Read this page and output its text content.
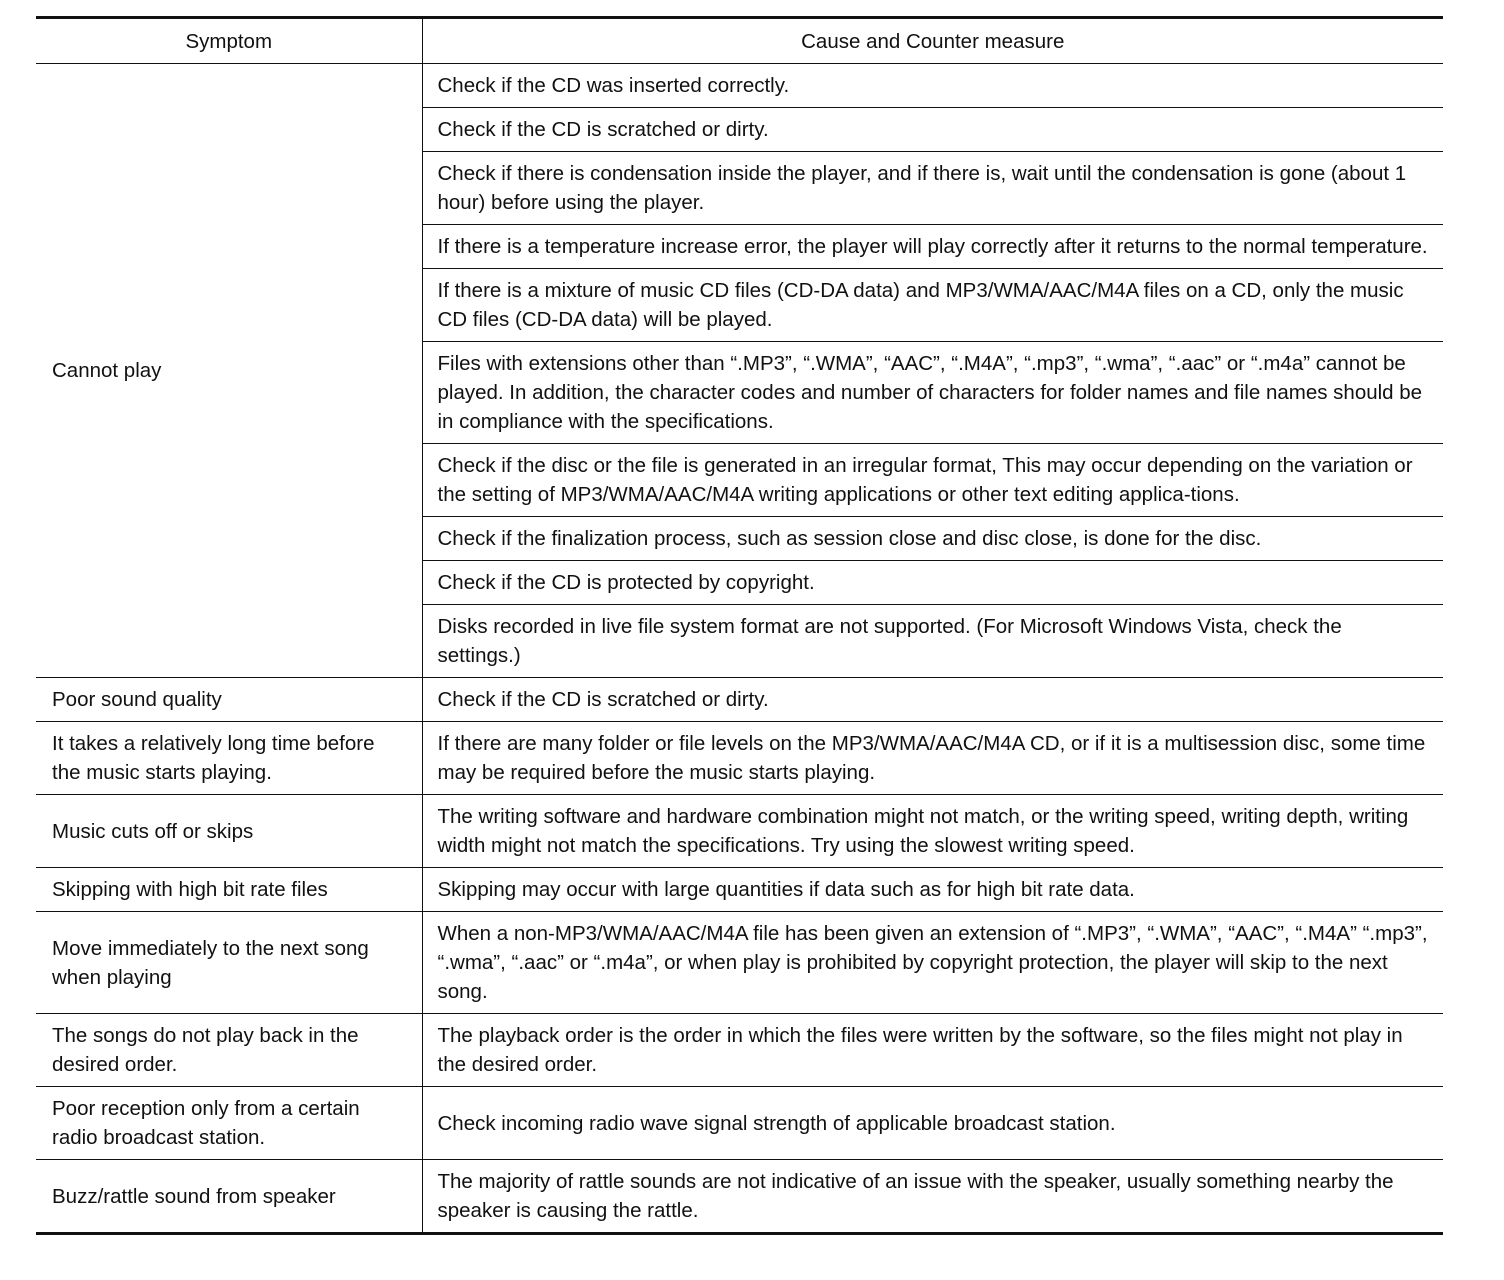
Symptom	Cause and Counter measure
Cannot play	Check if the CD was inserted correctly.
	Check if the CD is scratched or dirty.
	Check if there is condensation inside the player, and if there is, wait until the condensation is gone (about 1 hour) before using the player.
	If there is a temperature increase error, the player will play correctly after it returns to the normal temperature.
	If there is a mixture of music CD files (CD-DA data) and MP3/WMA/AAC/M4A files on a CD, only the music CD files (CD-DA data) will be played.
	Files with extensions other than “.MP3”, “.WMA”, “AAC”, “.M4A”, “.mp3”, “.wma”, “.aac” or “.m4a” cannot be played. In addition, the character codes and number of characters for folder names and file names should be in compliance with the specifications.
	Check if the disc or the file is generated in an irregular format, This may occur depending on the variation or the setting of MP3/WMA/AAC/M4A writing applications or other text editing applica-tions.
	Check if the finalization process, such as session close and disc close, is done for the disc.
	Check if the CD is protected by copyright.
	Disks recorded in live file system format are not supported. (For Microsoft Windows Vista, check the settings.)
Poor sound quality	Check if the CD is scratched or dirty.
It takes a relatively long time before the music starts playing.	If there are many folder or file levels on the MP3/WMA/AAC/M4A CD, or if it is a multisession disc, some time may be required before the music starts playing.
Music cuts off or skips	The writing software and hardware combination might not match, or the writing speed, writing depth, writing width might not match the specifications. Try using the slowest writing speed.
Skipping with high bit rate files	Skipping may occur with large quantities if data such as for high bit rate data.
Move immediately to the next song when playing	When a non-MP3/WMA/AAC/M4A file has been given an extension of “.MP3”, “.WMA”, “AAC”, “.M4A” “.mp3”, “.wma”, “.aac” or “.m4a”, or when play is prohibited by copyright protection, the player will skip to the next song.
The songs do not play back in the desired order.	The playback order is the order in which the files were written by the software, so the files might not play in the desired order.
Poor reception only from a certain radio broadcast station.	Check incoming radio wave signal strength of applicable broadcast station.
Buzz/rattle sound from speaker	The majority of rattle sounds are not indicative of an issue with the speaker, usually something nearby the speaker is causing the rattle.
